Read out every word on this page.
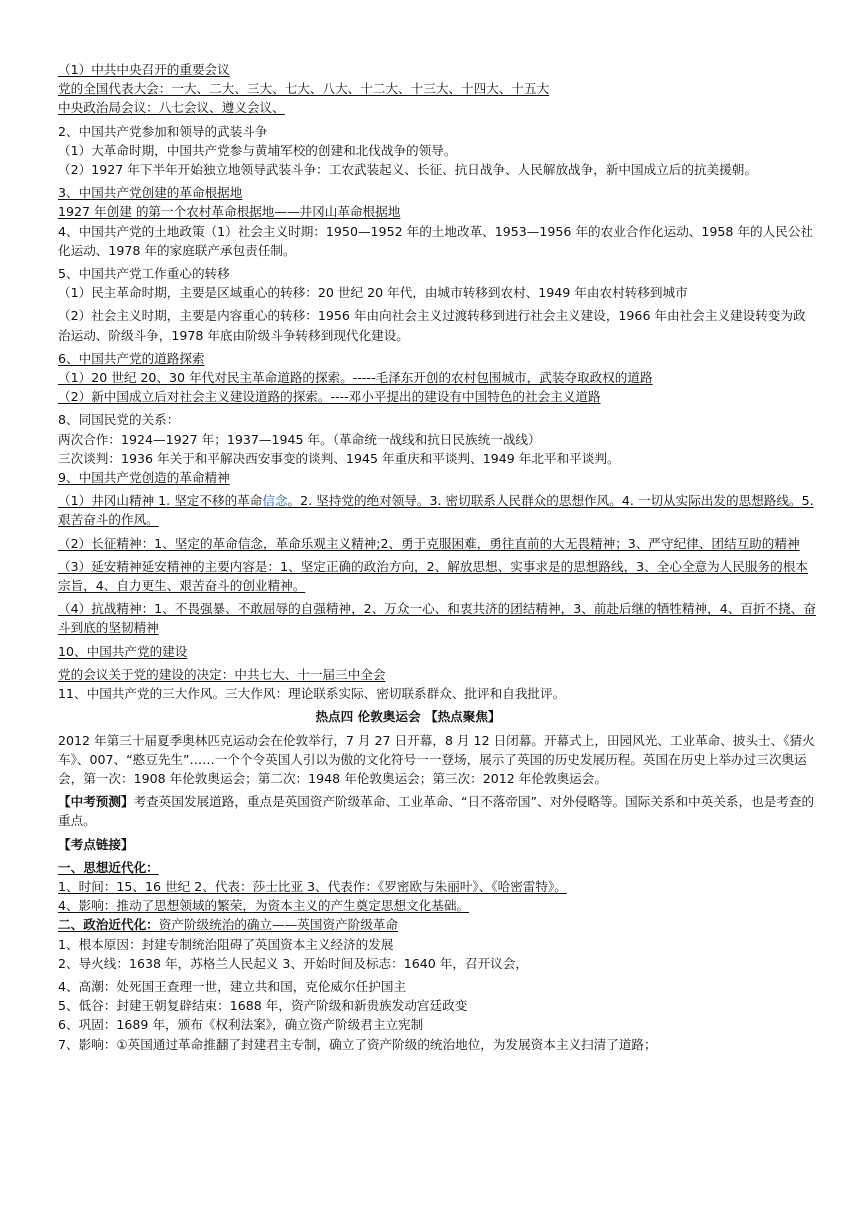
（1）中共中央召开的重要会议
党的全国代表大会：一大、二大、三大、七大、八大、十二大、十三大、十四大、十五大
中央政治局会议：八七会议、遵义会议、
2、中国共产党参加和领导的武装斗争
（1）大革命时期，中国共产党参与黄埔军校的创建和北伐战争的领导。
（2）1927 年下半年开始独立地领导武装斗争：工农武装起义、长征、抗日战争、人民解放战争，新中国成立后的抗美援朝。
3、中国共产党创建的革命根据地
1927 年创建 的第一个农村革命根据地——井冈山革命根据地
4、中国共产党的土地政策（1）社会主义时期：1950—1952 年的土地改革、1953—1956 年的农业合作化运动、1958 年的人民公社化运动、1978 年的家庭联产承包责任制。
5、中国共产党工作重心的转移
（1）民主革命时期，主要是区域重心的转移：20 世纪 20 年代，由城市转移到农村、1949 年由农村转移到城市
（2）社会主义时期，主要是内容重心的转移：1956 年由向社会主义过渡转移到进行社会主义建设，1966 年由社会主义建设转变为政治运动、阶级斗争，1978 年底由阶级斗争转移到现代化建设。
6、中国共产党的道路探索
（1）20 世纪 20、30 年代对民主革命道路的探索。-----毛泽东开创的农村包围城市，武装夺取政权的道路
（2）新中国成立后对社会主义建设道路的探索。----邓小平提出的建设有中国特色的社会主义道路
8、同国民党的关系：
两次合作：1924—1927 年；1937—1945 年。（革命统一战线和抗日民族统一战线）
三次谈判：1936 年关于和平解决西安事变的谈判、1945 年重庆和平谈判、1949 年北平和平谈判。
9、中国共产党创造的革命精神
（1）井冈山精神 1. 坚定不移的革命信念。2. 坚持党的绝对领导。3. 密切联系人民群众的思想作风。4. 一切从实际出发的思想路线。5. 艰苦奋斗的作风。
（2）长征精神：1、坚定的革命信念，革命乐观主义精神;2、勇于克服困难，勇往直前的大无畏精神；3、严守纪律、团结互助的精神
（3）延安精神延安精神的主要内容是：1、坚定正确的政治方向，2、解放思想、实事求是的思想路线，3、全心全意为人民服务的根本宗旨，4、自力更生、艰苦奋斗的创业精神。
（4）抗战精神：1、不畏强暴、不敢屈辱的自强精神，2、万众一心、和衷共济的团结精神，3、前赴后继的牺牲精神，4、百折不挠、奋斗到底的坚韧精神
10、中国共产党的建设
党的会议关于党的建设的决定：中共七大、十一届三中全会
11、中国共产党的三大作风。三大作风：理论联系实际、密切联系群众、批评和自我批评。
热点四 伦敦奥运会 【热点聚焦】
2012 年第三十届夏季奥林匹克运动会在伦敦举行，7 月 27 日开幕，8 月 12 日闭幕。开幕式上，田园风光、工业革命、披头士、《猜火车》、007、“憨豆先生”……一个个令英国人引以为傲的文化符号一一登场，展示了英国的历史发展历程。英国在历史上举办过三次奥运会，第一次：1908 年伦敦奥运会；第二次：1948 年伦敦奥运会；第三次：2012 年伦敦奥运会。
【中考预测】考查英国发展道路，重点是英国资产阶级革命、工业革命、“日不落帝国”、对外侵略等。国际关系和中英关系，也是考查的重点。
【考点链接】
一、思想近代化：
1、时间：15、16 世纪 2、代表：莎士比亚 3、代表作：《罗密欧与朱丽叶》、《哈密雷特》。
4、影响：推动了思想领域的繁荣，为资本主义的产生奠定思想文化基础。
二、政治近代化：资产阶级统治的确立——英国资产阶级革命
1、根本原因：封建专制统治阻碍了英国资本主义经济的发展
2、导火线：1638 年，苏格兰人民起义 3、开始时间及标志：1640 年，召开议会，
4、高潮：处死国王查理一世，建立共和国，克伦威尔任护国主
5、低谷：封建王朝复辟结束：1688 年，资产阶级和新贵族发动宫廷政变
6、巩固：1689 年，颁布《权利法案》，确立资产阶级君主立宪制
7、影响：①英国通过革命推翻了封建君主专制，确立了资产阶级的统治地位，为发展资本主义扫清了道路；
